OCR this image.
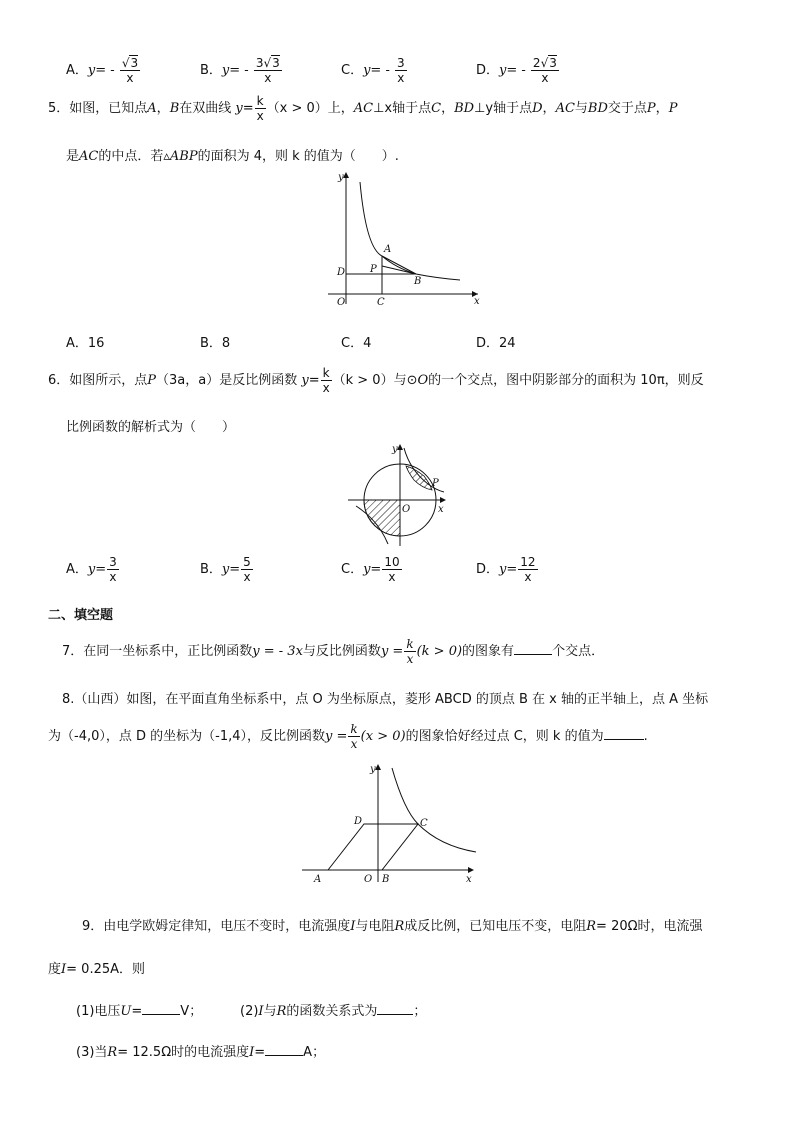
A．$y= - \frac{√3}{x}$	B．$y= - \frac{3√3}{x}$	C．$y= - \frac{3}{x}$	D．$y= - \frac{2√3}{x}$
5．如图，已知点A，B在双曲线 $y= \frac{k}{x} (x > 0)$上，AC⊥x轴于点C，BD⊥y轴于点D，AC与BD交于点P，P
是AC的中点．若▵ABP的面积为 4，则 k 的值为（　　）.
y
x
O
A
B
C
D P
A．16	B．8	C．4	D．24
6．如图所示，点P（3a，a）是反比例函数 $y= \frac{k}{x} (k > 0)$与⊙O的一个交点，图中阴影部分的面积为 10π，则反
比例函数的解析式为（　　）
y
x
O
P
A．$y= \frac{3}{x}$	B．$y= \frac{5}{x}$	C．$y= \frac{10}{x}$	D．$y= \frac{12}{x}$
二、填空题
7．在同一坐标系中，正比例函数y = - 3x与反比例函数$y = \frac{k}{x} (k > 0)$的图象有	个交点．
8.（山西）如图，在平面直角坐标系中，点 O 为坐标原点，菱形 ABCD 的顶点 B 在 x 轴的正半轴上，点 A 坐标
为（-4,0），点 D 的坐标为（-1,4），反比例函数$y = \frac{k}{x} (x > 0)$的图象恰好经过点 C，则 k 的值为	.
y
x
O
A	B
C
D
9．由电学欧姆定律知，电压不变时，电流强度I与电阻R成反比例，已知电压不变，电阻R= 20Ω时，电流强
度I= 0.25A．则
(1)电压U=	V；	(2)I与R的函数关系式为	；
(3)当R= 12.5Ω时的电流强度I=	A；
